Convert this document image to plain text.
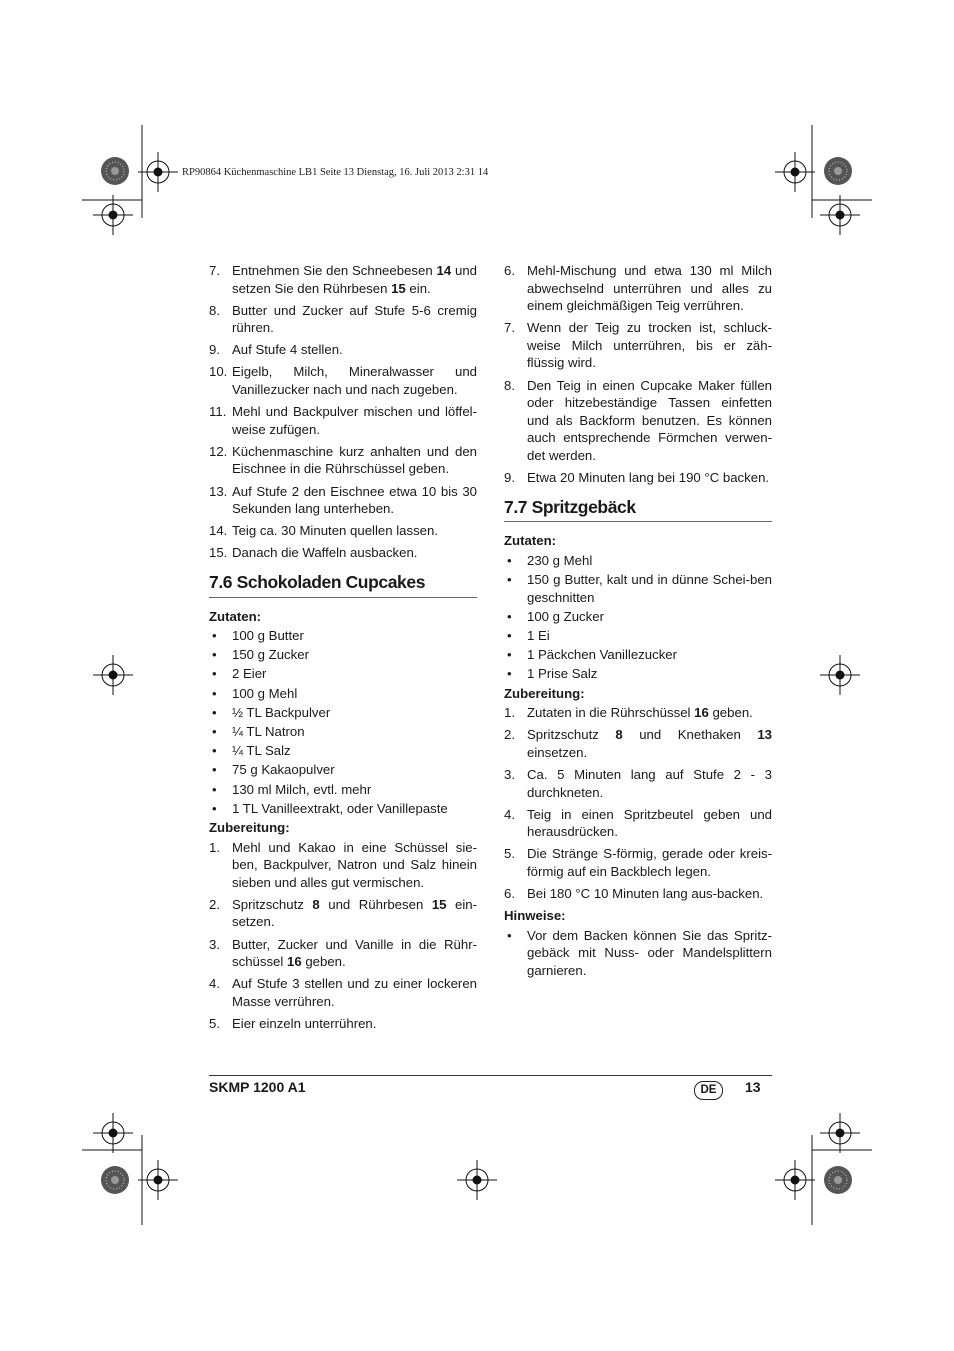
RP90864 Küchenmaschine LB1 Seite 13 Dienstag, 16. Juli 2013 2:31 14
7. Entnehmen Sie den Schneebesen 14 und setzen Sie den Rührbesen 15 ein.
8. Butter und Zucker auf Stufe 5-6 cremig rühren.
9. Auf Stufe 4 stellen.
10. Eigelb, Milch, Mineralwasser und Vanillezucker nach und nach zugeben.
11. Mehl und Backpulver mischen und löffel-weise zufügen.
12. Küchenmaschine kurz anhalten und den Eischnee in die Rührschüssel geben.
13. Auf Stufe 2 den Eischnee etwa 10 bis 30 Sekunden lang unterheben.
14. Teig ca. 30 Minuten quellen lassen.
15. Danach die Waffeln ausbacken.
7.6 Schokoladen Cupcakes
Zutaten:
• 100 g Butter
• 150 g Zucker
• 2 Eier
• 100 g Mehl
• ½ TL Backpulver
• ¼ TL Natron
• ¼ TL Salz
• 75 g Kakaopulver
• 130 ml Milch, evtl. mehr
• 1 TL Vanilleextrakt, oder Vanillepaste
Zubereitung:
1. Mehl und Kakao in eine Schüssel sie-ben, Backpulver, Natron und Salz hinein sieben und alles gut vermischen.
2. Spritzschutz 8 und Rührbesen 15 ein-setzen.
3. Butter, Zucker und Vanille in die Rühr-schüssel 16 geben.
4. Auf Stufe 3 stellen und zu einer lockeren Masse verrühren.
5. Eier einzeln unterrühren.
6. Mehl-Mischung und etwa 130 ml Milch abwechselnd unterrühren und alles zu einem gleichmäßigen Teig verrühren.
7. Wenn der Teig zu trocken ist, schluck-weise Milch unterrühren, bis er zäh-flüssig wird.
8. Den Teig in einen Cupcake Maker füllen oder hitzebeständige Tassen einfetten und als Backform benutzen. Es können auch entsprechende Förmchen verwen-det werden.
9. Etwa 20 Minuten lang bei 190 °C backen.
7.7 Spritzgebäck
Zutaten:
• 230 g Mehl
• 150 g Butter, kalt und in dünne Schei-ben geschnitten
• 100 g Zucker
• 1 Ei
• 1 Päckchen Vanillezucker
• 1 Prise Salz
Zubereitung:
1. Zutaten in die Rührschüssel 16 geben.
2. Spritzschutz 8 und Knethaken 13 einsetzen.
3. Ca. 5 Minuten lang auf Stufe 2 - 3 durchkneten.
4. Teig in einen Spritzbeutel geben und herausdrücken.
5. Die Stränge S-förmig, gerade oder kreis-förmig auf ein Backblech legen.
6. Bei 180 °C 10 Minuten lang aus-backen.
Hinweise:
• Vor dem Backen können Sie das Spritz-gebäck mit Nuss- oder Mandelsplittern garnieren.
SKMP 1200 A1	DE	13
